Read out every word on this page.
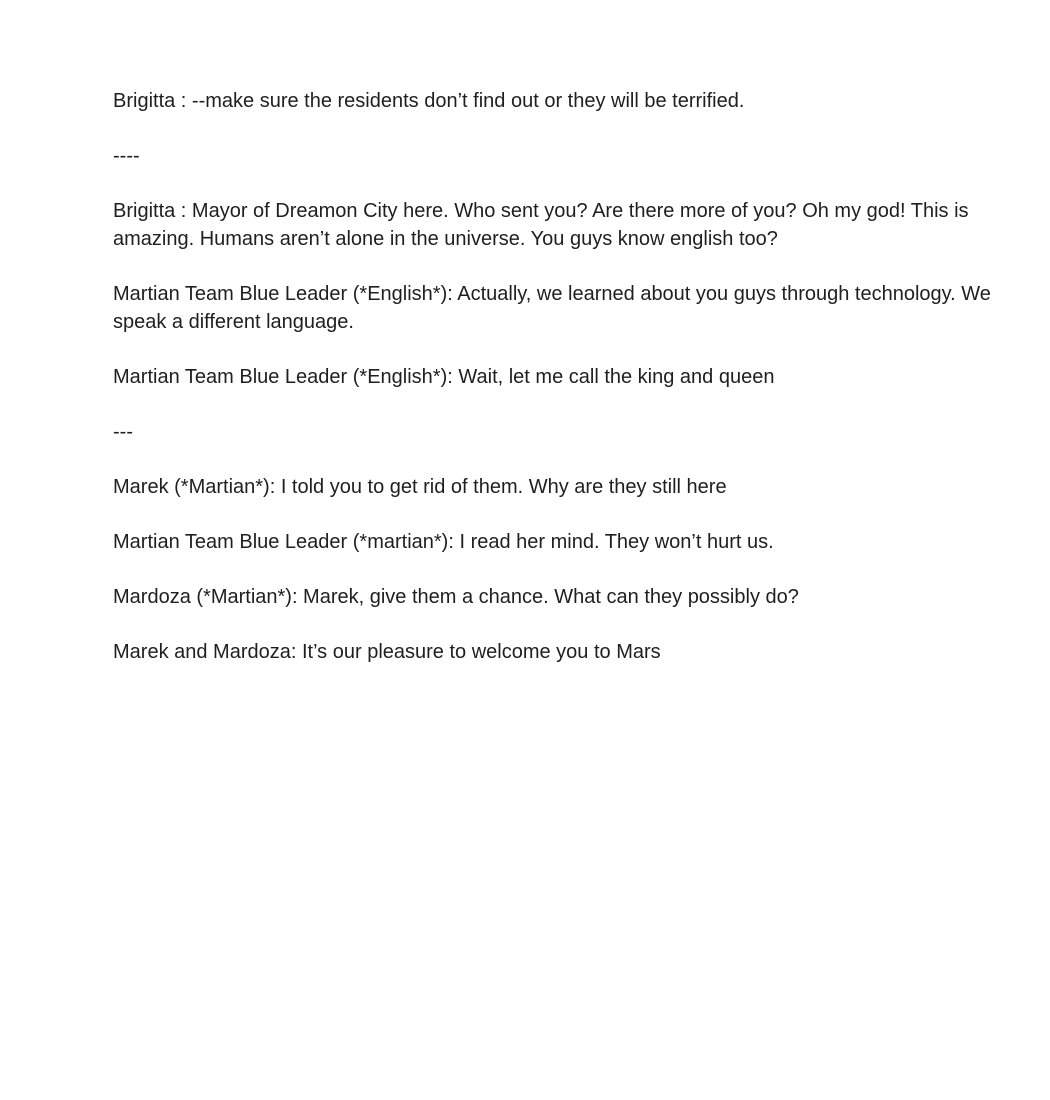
Brigitta : --make sure the residents don’t find out or they will be terrified.

----

Brigitta : Mayor of Dreamon City here. Who sent you? Are there more of you? Oh my god! This is amazing. Humans aren’t alone in the universe. You guys know english too?

Martian Team Blue Leader (*English*): Actually, we learned about you guys through technology. We speak a different language.

Martian Team Blue Leader (*English*): Wait, let me call the king and queen

---

Marek (*Martian*): I told you to get rid of them. Why are they still here

Martian Team Blue Leader (*martian*): I read her mind. They won’t hurt us.

Mardoza (*Martian*): Marek, give them a chance. What can they possibly do?

Marek and Mardoza: It’s our pleasure to welcome you to Mars
